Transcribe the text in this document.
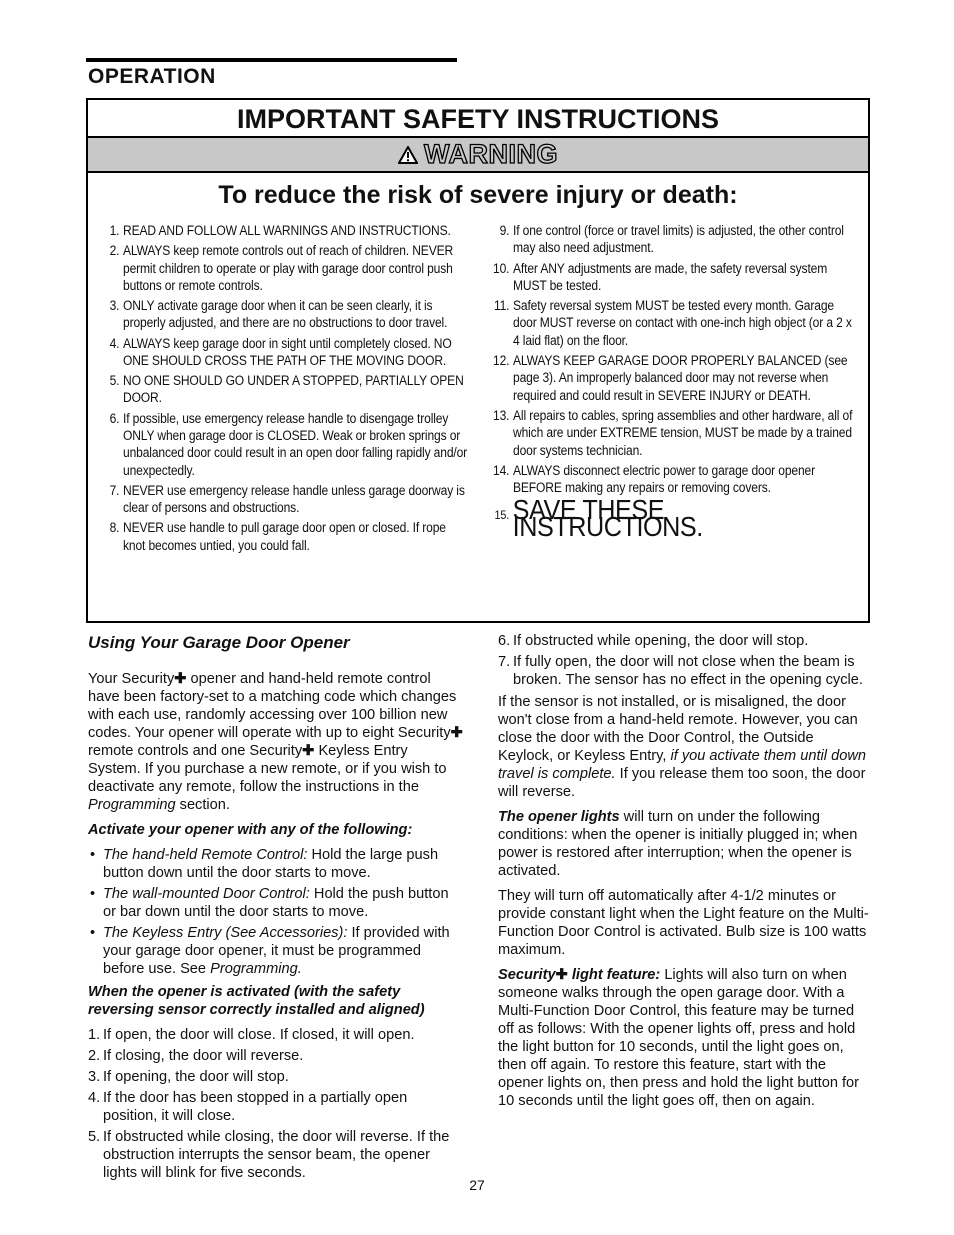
OPERATION
IMPORTANT SAFETY INSTRUCTIONS
WARNING
To reduce the risk of severe injury or death:
1. READ AND FOLLOW ALL WARNINGS AND INSTRUCTIONS.
2. ALWAYS keep remote controls out of reach of children. NEVER permit children to operate or play with garage door control push buttons or remote controls.
3. ONLY activate garage door when it can be seen clearly, it is properly adjusted, and there are no obstructions to door travel.
4. ALWAYS keep garage door in sight until completely closed. NO ONE SHOULD CROSS THE PATH OF THE MOVING DOOR.
5. NO ONE SHOULD GO UNDER A STOPPED, PARTIALLY OPEN DOOR.
6. If possible, use emergency release handle to disengage trolley ONLY when garage door is CLOSED. Weak or broken springs or unbalanced door could result in an open door falling rapidly and/or unexpectedly.
7. NEVER use emergency release handle unless garage doorway is clear of persons and obstructions.
8. NEVER use handle to pull garage door open or closed. If rope knot becomes untied, you could fall.
9. If one control (force or travel limits) is adjusted, the other control may also need adjustment.
10. After ANY adjustments are made, the safety reversal system MUST be tested.
11. Safety reversal system MUST be tested every month. Garage door MUST reverse on contact with one-inch high object (or a 2 x 4 laid flat) on the floor.
12. ALWAYS KEEP GARAGE DOOR PROPERLY BALANCED (see page 3). An improperly balanced door may not reverse when required and could result in SEVERE INJURY or DEATH.
13. All repairs to cables, spring assemblies and other hardware, all of which are under EXTREME tension, MUST be made by a trained door systems technician.
14. ALWAYS disconnect electric power to garage door opener BEFORE making any repairs or removing covers.
15. SAVE THESE INSTRUCTIONS.
Using Your Garage Door Opener

Your Security✚ opener and hand-held remote control have been factory-set to a matching code which changes with each use, randomly accessing over 100 billion new codes. Your opener will operate with up to eight Security✚ remote controls and one Security✚ Keyless Entry System. If you purchase a new remote, or if you wish to deactivate any remote, follow the instructions in the Programming section.

Activate your opener with any of the following:

• The hand-held Remote Control: Hold the large push button down until the door starts to move.
• The wall-mounted Door Control: Hold the push button or bar down until the door starts to move.
• The Keyless Entry (See Accessories): If provided with your garage door opener, it must be programmed before use. See Programming.

When the opener is activated (with the safety reversing sensor correctly installed and aligned)

1. If open, the door will close. If closed, it will open.
2. If closing, the door will reverse.
3. If opening, the door will stop.
4. If the door has been stopped in a partially open position, it will close.
5. If obstructed while closing, the door will reverse. If the obstruction interrupts the sensor beam, the opener lights will blink for five seconds.
6. If obstructed while opening, the door will stop.
7. If fully open, the door will not close when the beam is broken. The sensor has no effect in the opening cycle.

If the sensor is not installed, or is misaligned, the door won't close from a hand-held remote. However, you can close the door with the Door Control, the Outside Keylock, or Keyless Entry, if you activate them until down travel is complete. If you release them too soon, the door will reverse.

The opener lights will turn on under the following conditions: when the opener is initially plugged in; when power is restored after interruption; when the opener is activated.

They will turn off automatically after 4-1/2 minutes or provide constant light when the Light feature on the Multi-Function Door Control is activated. Bulb size is 100 watts maximum.

Security✚ light feature: Lights will also turn on when someone walks through the open garage door. With a Multi-Function Door Control, this feature may be turned off as follows: With the opener lights off, press and hold the light button for 10 seconds, until the light goes on, then off again. To restore this feature, start with the opener lights on, then press and hold the light button for 10 seconds until the light goes off, then on again.

27
